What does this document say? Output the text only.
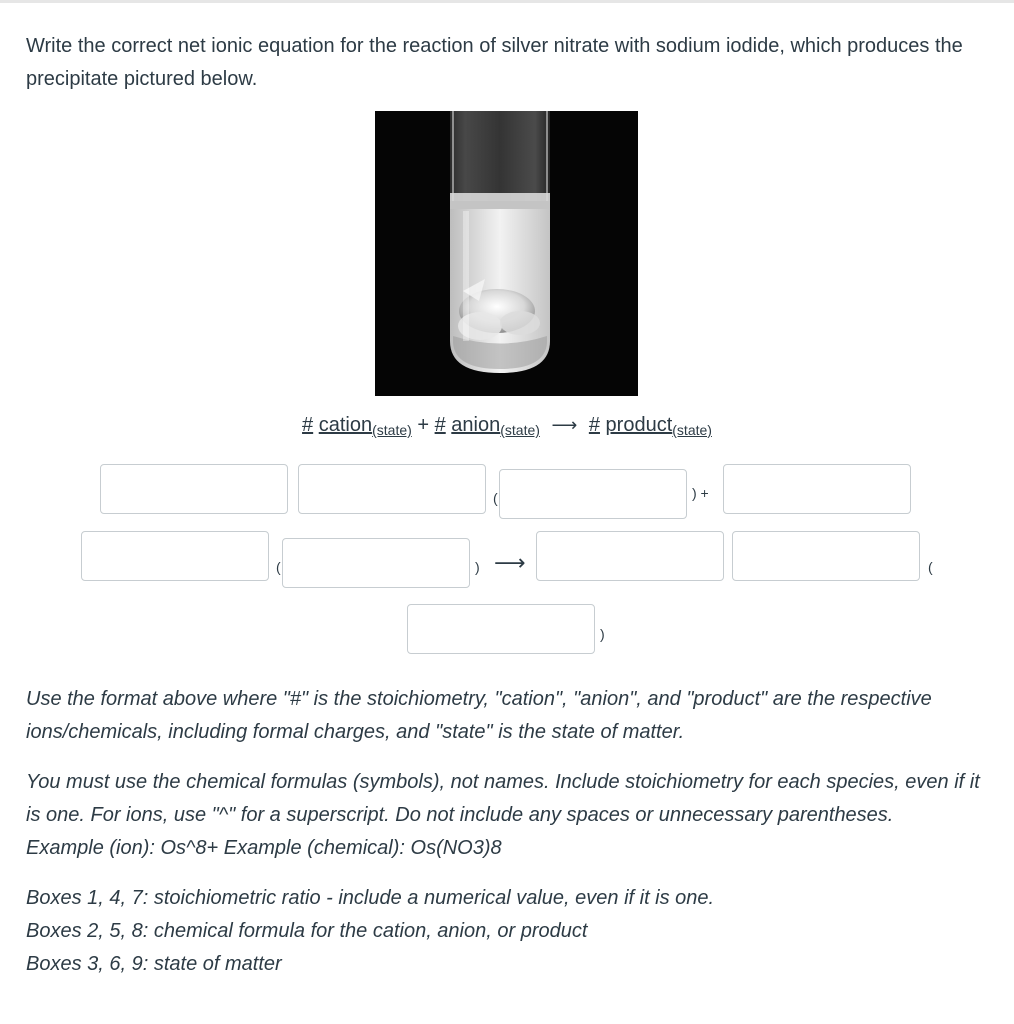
Write the correct net ionic equation for the reaction of silver nitrate with sodium iodide, which produces the precipitate pictured below.
# cation$_{(state)}$ + # anion$_{(state)}$ ⟶ # product$_{(state)}$
(	) +
(	) ⟶	(
)

Use the format above where "#" is the stoichiometry, "cation", "anion", and "product" are the respective ions/chemicals, including formal charges, and "state" is the state of matter.

You must use the chemical formulas (symbols), not names. Include stoichiometry for each species, even if it is one. For ions, use "^" for a superscript. Do not include any spaces or unnecessary parentheses.

Example (ion): Os^8+ Example (chemical): Os(NO3)8

Boxes 1, 4, 7: stoichiometric ratio - include a numerical value, even if it is one.

Boxes 2, 5, 8: chemical formula for the cation, anion, or product

Boxes 3, 6, 9: state of matter
